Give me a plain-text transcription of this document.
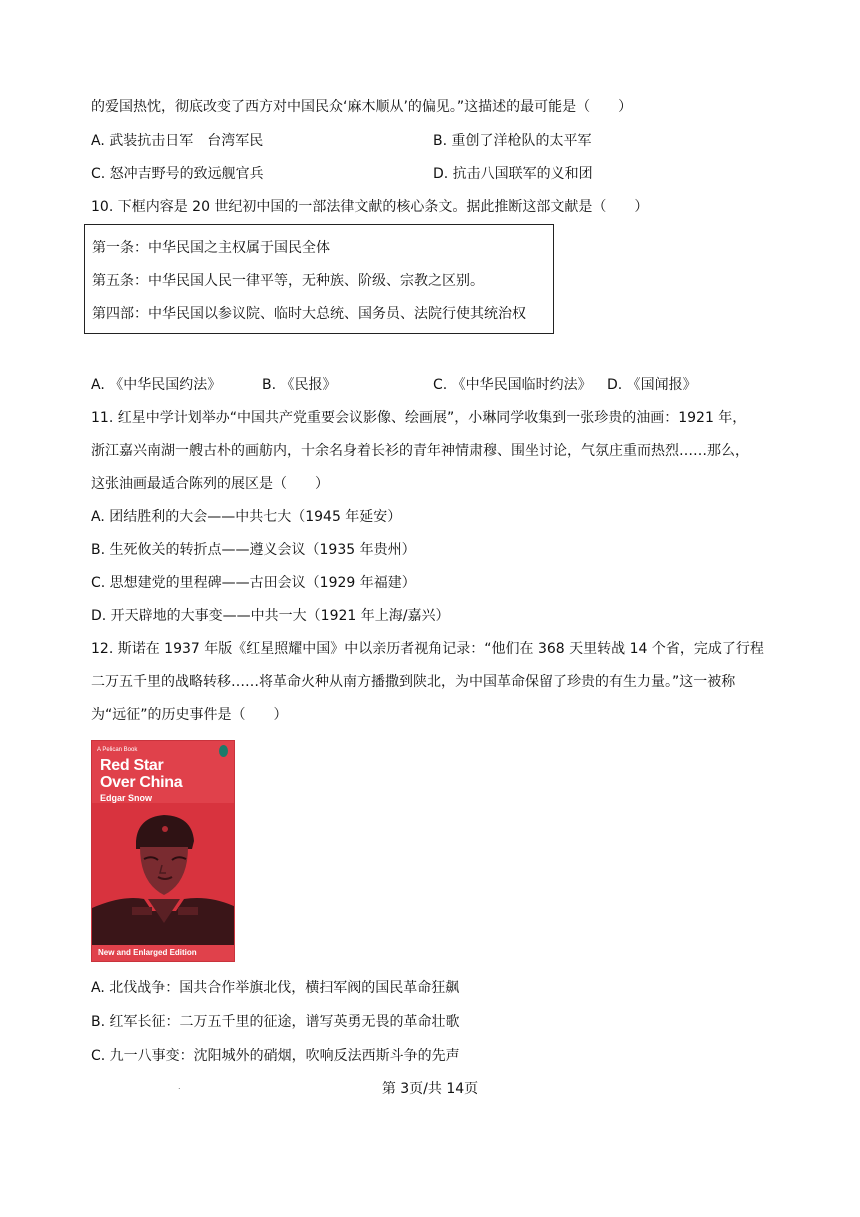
的爱国热忱，彻底改变了西方对中国民众‘麻木顺从’的偏见。”这描述的最可能是（　　）
A. 武装抗击日军　台湾军民	B. 重创了洋枪队的太平军
C. 怒冲吉野号的致远舰官兵	D. 抗击八国联军的义和团
10. 下框内容是 20 世纪初中国的一部法律文献的核心条文。据此推断这部文献是（　　）
第一条：中华民国之主权属于国民全体
第五条：中华民国人民一律平等，无种族、阶级、宗教之区别。
第四部：中华民国以参议院、临时大总统、国务员、法院行使其统治权
A. 《中华民国约法》	B. 《民报》	C. 《中华民国临时约法》 D. 《国闻报》
11. 红星中学计划举办“中国共产党重要会议影像、绘画展”，小琳同学收集到一张珍贵的油画：1921 年，
浙江嘉兴南湖一艘古朴的画舫内，十余名身着长衫的青年神情肃穆、围坐讨论，气氛庄重而热烈……那么，
这张油画最适合陈列的展区是（　　）
A. 团结胜利的大会——中共七大（1945 年延安）
B. 生死攸关的转折点——遵义会议（1935 年贵州）
C. 思想建党的里程碑——古田会议（1929 年福建）
D. 开天辟地的大事变——中共一大（1921 年上海/嘉兴）
12. 斯诺在 1937 年版《红星照耀中国》中以亲历者视角记录：“他们在 368 天里转战 14 个省，完成了行程
二万五千里的战略转移……将革命火种从南方播撒到陕北，为中国革命保留了珍贵的有生力量。”这一被称
为“远征”的历史事件是（　　）
A Pelican Book
Red Star
Over China
Edgar Snow
New and Enlarged Edition
A. 北伐战争：国共合作举旗北伐，横扫军阀的国民革命狂飙
B. 红军长征：二万五千里的征途，谱写英勇无畏的革命壮歌
C. 九一八事变：沈阳城外的硝烟，吹响反法西斯斗争的先声
.	第 3页/共 14页
